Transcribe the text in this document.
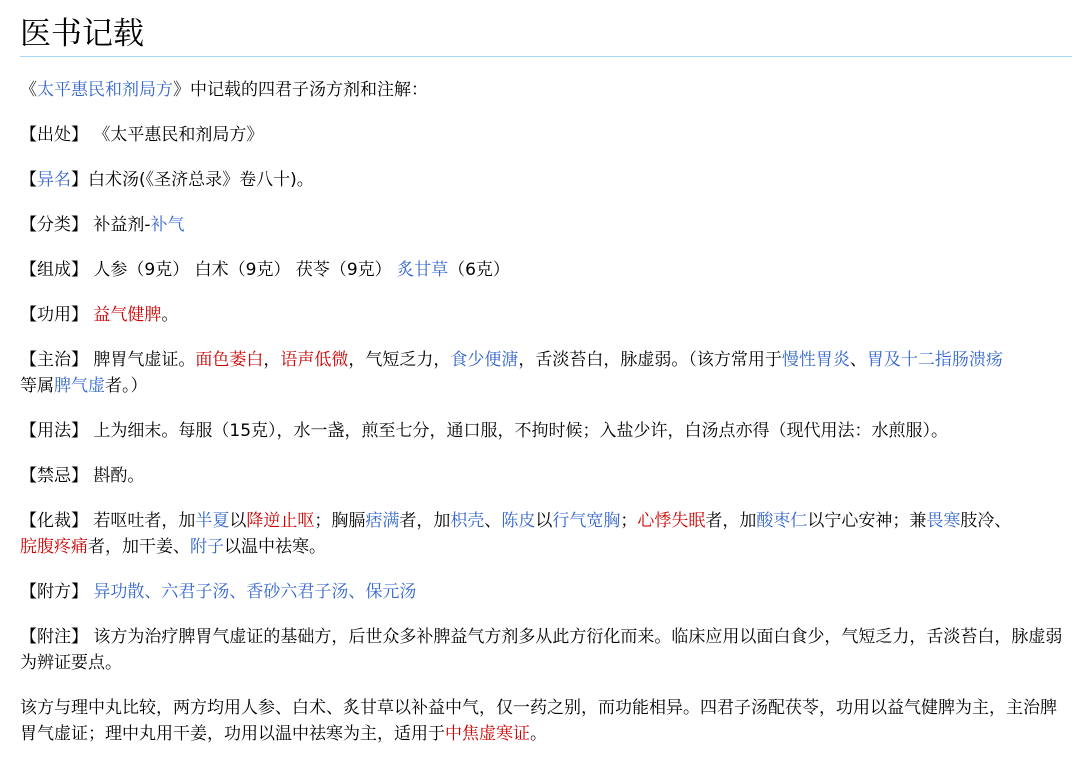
医书记载

《太平惠民和剂局方》中记载的四君子汤方剂和注解：

【出处】 《太平惠民和剂局方》

【异名】白术汤(《圣济总录》卷八十)。

【分类】 补益剂-补气

【组成】 人参（9克） 白术（9克） 茯苓（9克） 炙甘草（6克）

【功用】 益气健脾。

【主治】 脾胃气虚证。面色萎白，语声低微，气短乏力，食少便溏，舌淡苔白，脉虚弱。（该方常用于慢性胃炎、胃及十二指肠溃疡
等属脾气虚者。）

【用法】 上为细末。每服（15克），水一盏，煎至七分，通口服，不拘时候；入盐少许，白汤点亦得（现代用法：水煎服）。

【禁忌】 斟酌。

【化裁】 若呕吐者，加半夏以降逆止呕；胸膈痞满者，加枳壳、陈皮以行气宽胸；心悸失眠者，加酸枣仁以宁心安神；兼畏寒肢冷、
脘腹疼痛者，加干姜、附子以温中祛寒。

【附方】 异功散、六君子汤、香砂六君子汤、保元汤

【附注】 该方为治疗脾胃气虚证的基础方，后世众多补脾益气方剂多从此方衍化而来。临床应用以面白食少，气短乏力，舌淡苔白，脉虚弱为辨证要点。

该方与理中丸比较，两方均用人参、白术、炙甘草以补益中气，仅一药之别，而功能相异。四君子汤配茯苓，功用以益气健脾为主，主治脾胃气虚证；理中丸用干姜，功用以温中祛寒为主，适用于中焦虚寒证。
